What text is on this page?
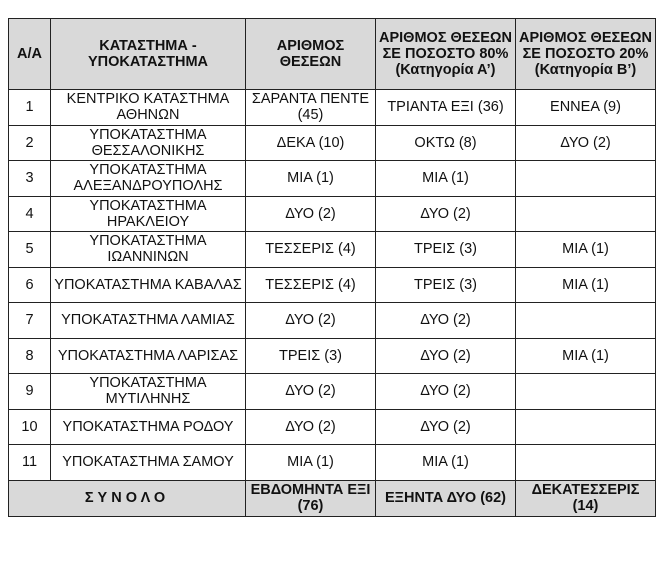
Α/Α	ΚΑΤΑΣΤΗΜΑ - ΥΠΟΚΑΤΑΣΤΗΜΑ	ΑΡΙΘΜΟΣ ΘΕΣΕΩΝ	ΑΡΙΘΜΟΣ ΘΕΣΕΩΝ ΣΕ ΠΟΣΟΣΤΟ 80% (Κατηγορία Α’)	ΑΡΙΘΜΟΣ ΘΕΣΕΩΝ ΣΕ ΠΟΣΟΣΤΟ 20% (Κατηγορία Β’)
1	ΚΕΝΤΡΙΚΟ ΚΑΤΑΣΤΗΜΑ ΑΘΗΝΩΝ	ΣΑΡΑΝΤΑ ΠΕΝΤΕ (45)	ΤΡΙΑΝΤΑ ΕΞΙ (36)	ΕΝΝΕΑ (9)
2	ΥΠΟΚΑΤΑΣΤΗΜΑ ΘΕΣΣΑΛΟΝΙΚΗΣ	ΔΕΚΑ (10)	ΟΚΤΩ (8)	ΔΥΟ (2)
3	ΥΠΟΚΑΤΑΣΤΗΜΑ ΑΛΕΞΑΝΔΡΟΥΠΟΛΗΣ	ΜΙΑ (1)	ΜΙΑ (1)	
4	ΥΠΟΚΑΤΑΣΤΗΜΑ ΗΡΑΚΛΕΙΟΥ	ΔΥΟ (2)	ΔΥΟ (2)	
5	ΥΠΟΚΑΤΑΣΤΗΜΑ ΙΩΑΝΝΙΝΩΝ	ΤΕΣΣΕΡΙΣ (4)	ΤΡΕΙΣ (3)	ΜΙΑ (1)
6	ΥΠΟΚΑΤΑΣΤΗΜΑ ΚΑΒΑΛΑΣ	ΤΕΣΣΕΡΙΣ (4)	ΤΡΕΙΣ (3)	ΜΙΑ (1)
7	ΥΠΟΚΑΤΑΣΤΗΜΑ ΛΑΜΙΑΣ	ΔΥΟ (2)	ΔΥΟ (2)	
8	ΥΠΟΚΑΤΑΣΤΗΜΑ ΛΑΡΙΣΑΣ	ΤΡΕΙΣ (3)	ΔΥΟ (2)	ΜΙΑ (1)
9	ΥΠΟΚΑΤΑΣΤΗΜΑ ΜΥΤΙΛΗΝΗΣ	ΔΥΟ (2)	ΔΥΟ (2)	
10	ΥΠΟΚΑΤΑΣΤΗΜΑ ΡΟΔΟΥ	ΔΥΟ (2)	ΔΥΟ (2)	
11	ΥΠΟΚΑΤΑΣΤΗΜΑ ΣΑΜΟΥ	ΜΙΑ (1)	ΜΙΑ (1)	
ΣΥΝΟΛΟ		ΕΒΔΟΜΗΝΤΑ ΕΞΙ (76)	ΕΞΗΝΤΑ ΔΥΟ (62)	ΔΕΚΑΤΕΣΣΕΡΙΣ (14)
